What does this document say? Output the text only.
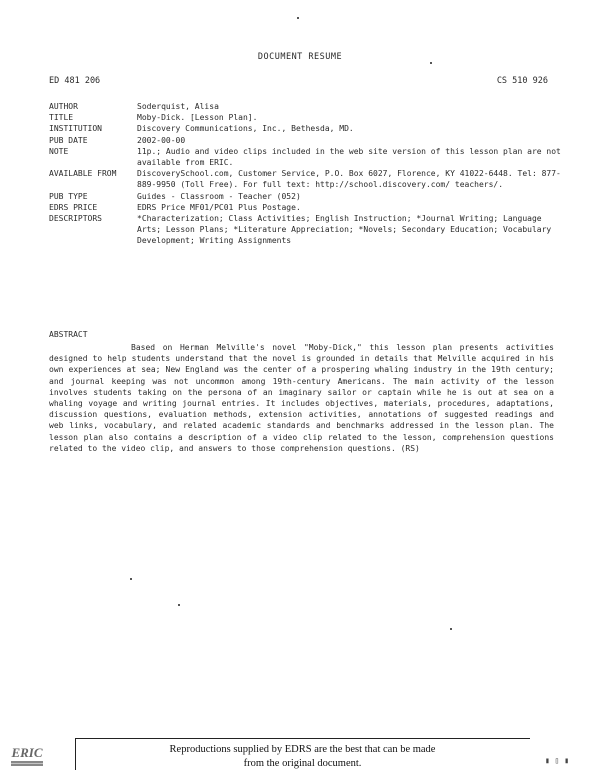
DOCUMENT RESUME
ED 481 206	CS 510 926
AUTHOR	Soderquist, Alisa
TITLE	Moby-Dick. [Lesson Plan].
INSTITUTION	Discovery Communications, Inc., Bethesda, MD.
PUB DATE	2002-00-00
NOTE	11p.; Audio and video clips included in the web site version of this lesson plan are not available from ERIC.
AVAILABLE FROM	DiscoverySchool.com, Customer Service, P.O. Box 6027, Florence, KY 41022-6448. Tel: 877-889-9950 (Toll Free). For full text: http://school.discovery.com/ teachers/.
PUB TYPE	Guides - Classroom - Teacher (052)
EDRS PRICE	EDRS Price MF01/PC01 Plus Postage.
DESCRIPTORS	*Characterization; Class Activities; English Instruction; *Journal Writing; Language Arts; Lesson Plans; *Literature Appreciation; *Novels; Secondary Education; Vocabulary Development; Writing Assignments
ABSTRACT
Based on Herman Melville's novel "Moby-Dick," this lesson plan presents activities designed to help students understand that the novel is grounded in details that Melville acquired in his own experiences at sea; New England was the center of a prospering whaling industry in the 19th century; and journal keeping was not uncommon among 19th-century Americans. The main activity of the lesson involves students taking on the persona of an imaginary sailor or captain while he is out at sea on a whaling voyage and writing journal entries. It includes objectives, materials, procedures, adaptations, discussion questions, evaluation methods, extension activities, annotations of suggested readings and web links, vocabulary, and related academic standards and benchmarks addressed in the lesson plan. The lesson plan also contains a description of a video clip related to the lesson, comprehension questions related to the video clip, and answers to those comprehension questions. (RS)
ERIC	Reproductions supplied by EDRS are the best that can be made
from the original document.	▮ ▯ ▮
